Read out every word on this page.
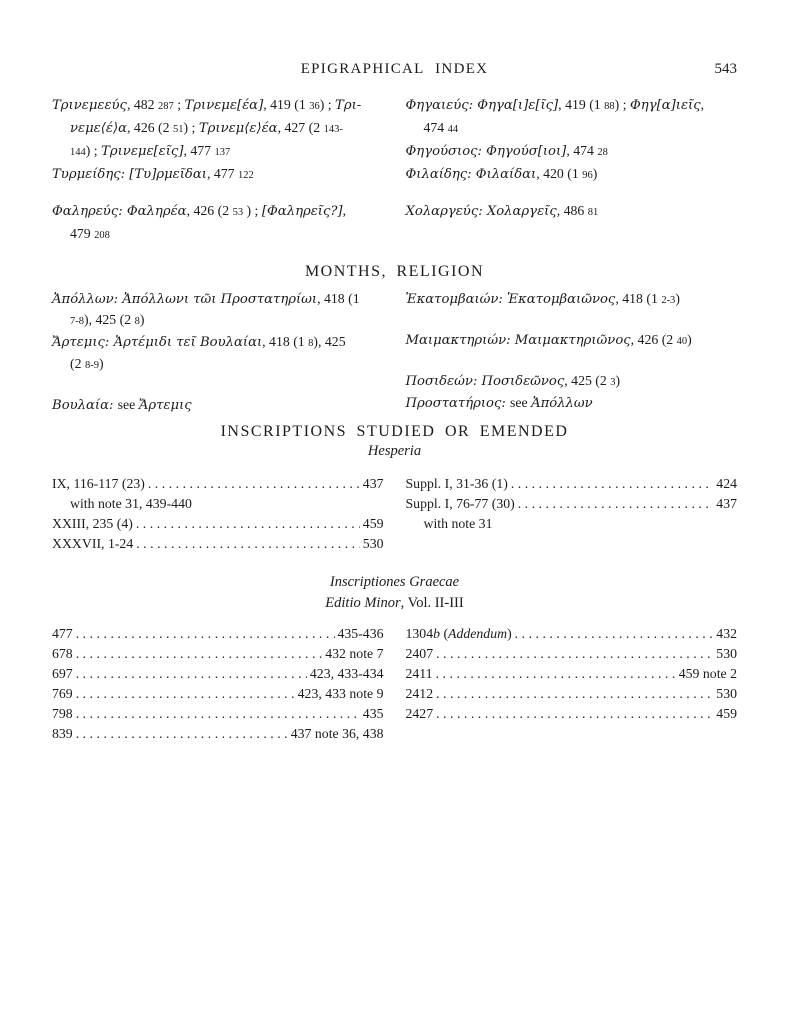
EPIGRAPHICAL INDEX	543
Τρινεμεεύς, 482 287 ; Τρινεμε[έα], 419 (1 36) ; Τρι-
νεμε⟨έ⟩α, 426 (2 51) ; Τρινεμ⟨ε⟩έα, 427 (2 143-
144) ; Τρινεμε[εῖς], 477 137
Τυρμείδης: [Τυ]ρμεῖδαι, 477 122
Φαληρεύς: Φαληρέα, 426 (2 53 ) ; [Φαληρεῖς?],
479 208
Φηγαιεύς: Φηγα[ι]ε[ῖς], 419 (1 88) ; Φηγ[α]ιεῖς,
474 44
Φηγούσιος: Φηγούσ[ιοι], 474 28
Φιλαίδης: Φιλαίδαι, 420 (1 96)
Χολαργεύς: Χολαργεῖς, 486 81
MONTHS, RELIGION
Ἀπόλλων: Ἀπόλλωνι τῶι Προστατηρίωι, 418 (1
7-8), 425 (2 8)
Ἄρτεμις: Ἀρτέμιδι τεῖ Βουλαίαι, 418 (1 8), 425
(2 8-9)
Βουλαία: see Ἄρτεμις
Ἑκατομβαιών: Ἑκατομβαιῶνος, 418 (1 2-3)
Μαιμακτηριών: Μαιμακτηριῶνος, 426 (2 40)
Ποσιδεών: Ποσιδεῶνος, 425 (2 3)
Προστατήριος: see Ἀπόλλων
INSCRIPTIONS STUDIED OR EMENDED
Hesperia
IX, 116-117 (23) .....	437
with note 31, 439-440
XXIII, 235 (4) .....	459
XXXVII, 1-24 .....	530
Suppl. I, 31-36 (1) .....	424
Suppl. I, 76-77 (30) .....	437
with note 31
Inscriptiones Graecae
Editio Minor, Vol. II-III
477 .....	435-436
678 .....	432 note 7
697 .....	423, 433-434
769 .....	423, 433 note 9
798 .....	435
839 .....	437 note 36, 438
1304b (Addendum) .....	432
2407 .....	530
2411 .....	459 note 2
2412 .....	530
2427 .....	459
